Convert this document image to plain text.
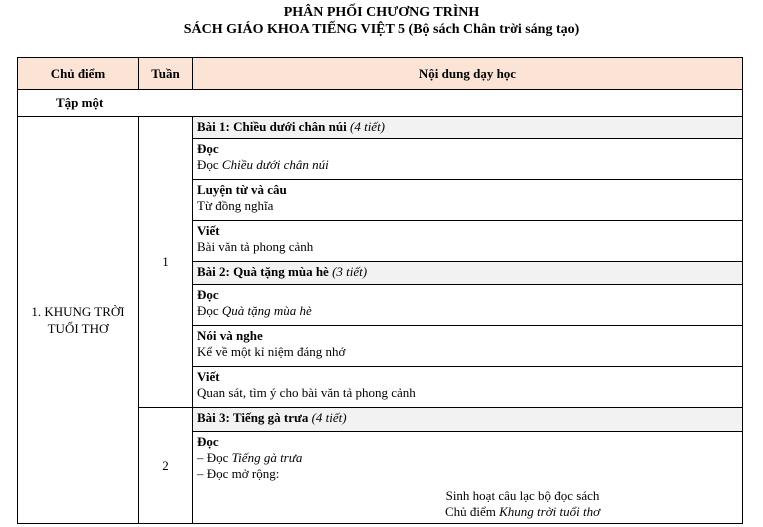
PHÂN PHỐI CHƯƠNG TRÌNH
SÁCH GIÁO KHOA TIẾNG VIỆT 5 (Bộ sách Chân trời sáng tạo)
Chủ điểm	Tuần	Nội dung dạy học
Tập một		
1. KHUNG TRỜI TUỔI THƠ	1	Bài 1: Chiều dưới chân núi (4 tiết)

		Đọc
Đọc Chiều dưới chân núi

		Luyện từ và câu
Từ đồng nghĩa

		Viết
Bài văn tả phong cảnh

		Bài 2: Quà tặng mùa hè (3 tiết)

		Đọc
Đọc Quà tặng mùa hè

		Nói và nghe
Kể về một kỉ niệm đáng nhớ

		Viết
Quan sát, tìm ý cho bài văn tả phong cảnh

	2	Bài 3: Tiếng gà trưa (4 tiết)

		Đọc
– Đọc Tiếng gà trưa
– Đọc mở rộng:
Sinh hoạt câu lạc bộ đọc sách
Chủ điểm Khung trời tuổi thơ
